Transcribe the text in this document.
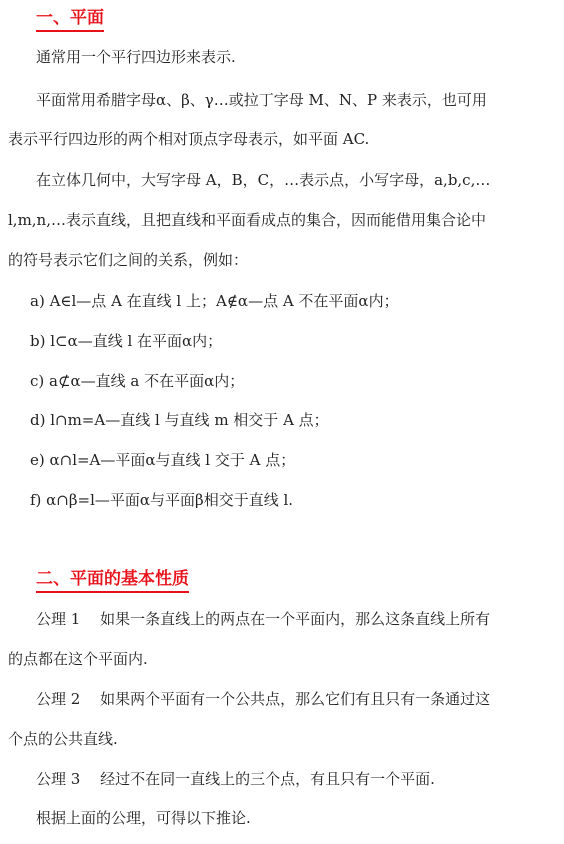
一、平面
通常用一个平行四边形来表示.
平面常用希腊字母α、β、γ…或拉丁字母 M、N、P 来表示，也可用
表示平行四边形的两个相对顶点字母表示，如平面 AC.
在立体几何中，大写字母 A，B，C，…表示点，小写字母，a,b,c,…
l,m,n,…表示直线，且把直线和平面看成点的集合，因而能借用集合论中
的符号表示它们之间的关系，例如：
a) A∈l—点 A 在直线 l 上；A∉α—点 A 不在平面α内；
b) l⊂α—直线 l 在平面α内；
c) a⊄α—直线 a 不在平面α内；
d) l∩m=A—直线 l 与直线 m 相交于 A 点；
e) α∩l=A—平面α与直线 l 交于 A 点；
f) α∩β=l—平面α与平面β相交于直线 l.
二、平面的基本性质
公理 1　 如果一条直线上的两点在一个平面内，那么这条直线上所有
的点都在这个平面内.
公理 2　 如果两个平面有一个公共点，那么它们有且只有一条通过这
个点的公共直线.
公理 3　 经过不在同一直线上的三个点，有且只有一个平面.
根据上面的公理，可得以下推论.
